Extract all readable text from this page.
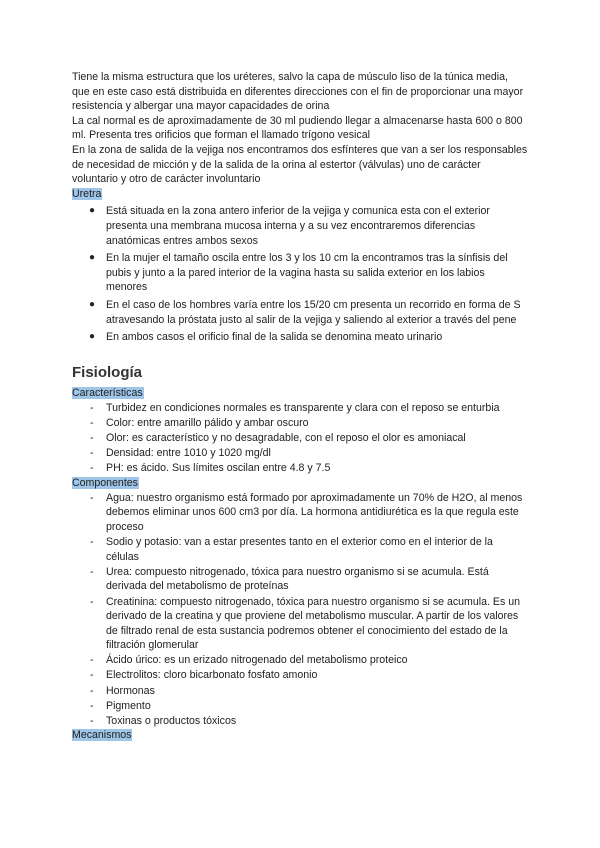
Tiene la misma estructura que los uréteres, salvo la capa de músculo liso de la túnica media, que en este caso está distribuida en diferentes direcciones con el fin de proporcionar una mayor resistencia y albergar una mayor capacidades de orina

La cal normal es de aproximadamente de 30 ml pudiendo llegar a almacenarse hasta 600 o 800 ml. Presenta tres orificios que forman el llamado trígono vesical

En la zona de salida de la vejiga nos encontramos dos esfínteres que van a ser los responsables de necesidad de micción y de la salida de la orina al estertor (válvulas) uno de carácter voluntario y otro de carácter involuntario

Uretra

● Está situada en la zona antero inferior de la vejiga y comunica esta con el exterior presenta una membrana mucosa interna y a su vez encontraremos diferencias anatómicas entres ambos sexos
● En la mujer el tamaño oscila entre los 3 y los 10 cm la encontramos tras la sínfisis del pubis y junto a la pared interior de la vagina hasta su salida exterior en los labios menores
● En el caso de los hombres varía entre los 15/20 cm presenta un recorrido en forma de S atravesando la próstata justo al salir de la vejiga y saliendo al exterior a través del pene
● En ambos casos el orificio final de la salida se denomina meato urinario
Fisiología

Características

- Turbidez en condiciones normales es transparente y clara con el reposo se enturbia
- Color: entre amarillo pálido y ambar oscuro
- Olor: es característico y no desagradable, con el reposo el olor es amoniacal
- Densidad: entre 1010 y 1020 mg/dl
- PH: es ácido. Sus límites oscilan entre 4.8 y 7.5

Componentes

- Agua: nuestro organismo está formado por aproximadamente un 70% de H2O, al menos debemos eliminar unos 600 cm3 por día. La hormona antidiurética es la que regula este proceso
- Sodio y potasio: van a estar presentes tanto en el exterior como en el interior de la células
- Urea: compuesto nitrogenado, tóxica para nuestro organismo si se acumula. Está derivada del metabolismo de proteínas
- Creatinina: compuesto nitrogenado, tóxica para nuestro organismo si se acumula. Es un derivado de la creatina y que proviene del metabolismo muscular. A partir de los valores de filtrado renal de esta sustancia podremos obtener el conocimiento del estado de la filtración glomerular
- Ácido úrico: es un erizado nitrogenado del metabolismo proteico
- Electrolitos: cloro bicarbonato fosfato amonio
- Hormonas
- Pigmento
- Toxinas o productos tóxicos

Mecanismos
